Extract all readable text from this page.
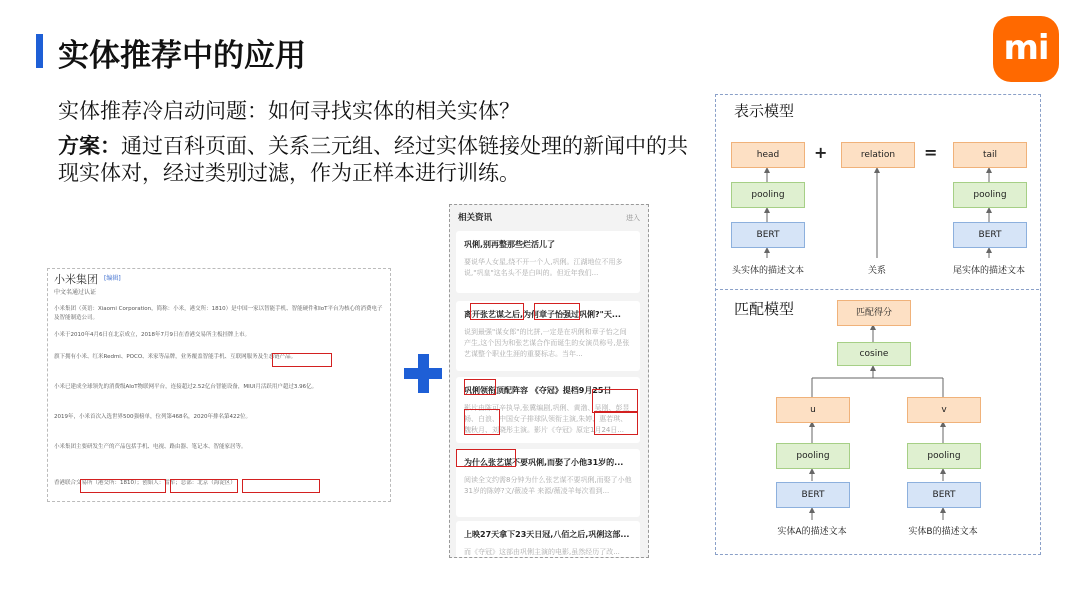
实体推荐中的应用	mi
实体推荐冷启动问题：如何寻找实体的相关实体？
方案：通过百科页面、关系三元组、经过实体链接处理的新闻中的共现实体对，经过类别过滤，作为正样本进行训练。
小米集团 [编辑]
中文名通过认证
小米集团（英语：Xiaomi Corporation，简称：小米，港交所：1810）是中国一家以智能手机、智能硬件和IoT平台为核心的消费电子及智能制造公司。
小米于2010年4月6日在北京成立，2018年7月9日在香港交易所主板挂牌上市。
旗下拥有小米、红米Redmi、POCO、米家等品牌，业务覆盖智能手机、互联网服务及生态链产品。
小米已建成全球领先的消费级AIoT物联网平台，连接超过2.52亿台智能设备，MIUI月活跃用户超过3.96亿。
2019年，小米首次入选世界500强榜单，位列第468名，2020年排名第422位。
小米集团主要研发生产的产品包括手机、电视、路由器、笔记本、智能家居等。
香港联合交易所（港交所：1810）；创始人：雷军；总部：北京（海淀区）
相关资讯	进入
巩俐,别再整那些烂活儿了
要说华人女星,绕不开一个人,巩俐。江湖地位不用多说,"巩皇"这名头不是白叫的。但近年我们...
离开张艺谋之后,为何章子怡强过巩俐?"天...
说到最强"谋女郎"的比拼,一定是在巩俐和章子怡之间产生,这个因为和张艺谋合作而诞生的女演员称号,是张艺谋整个职业生涯的重要标志。当年...
巩俐领衔顶配阵容 《夺冠》提档9月25日
影片由陈可辛执导,张冀编剧,巩俐、黄渤、吴刚、彭昱畅、白浪、中国女子排球队领衔主演,朱婷、惠若琪、魏秋月、刘晓彤主演。影片《夺冠》原定1月24日...
为什么张艺谋不要巩俐,而娶了小他31岁的...
阅读全文约需8分钟为什么张艺谋不要巩俐,而娶了小他31岁的陈婷?文/薇凌羊 来源/薇凌羊每次看到...
上映27天拿下23天日冠,八佰之后,巩俐这部...
而《夺冠》这部由巩俐主演的电影,虽然经历了改...
表示模型
head	+	relation	=	tail
pooling	pooling
BERT	BERT
头实体的描述文本	关系	尾实体的描述文本
匹配模型	匹配得分
cosine
u	v
pooling	pooling
BERT	BERT
实体A的描述文本	实体B的描述文本
